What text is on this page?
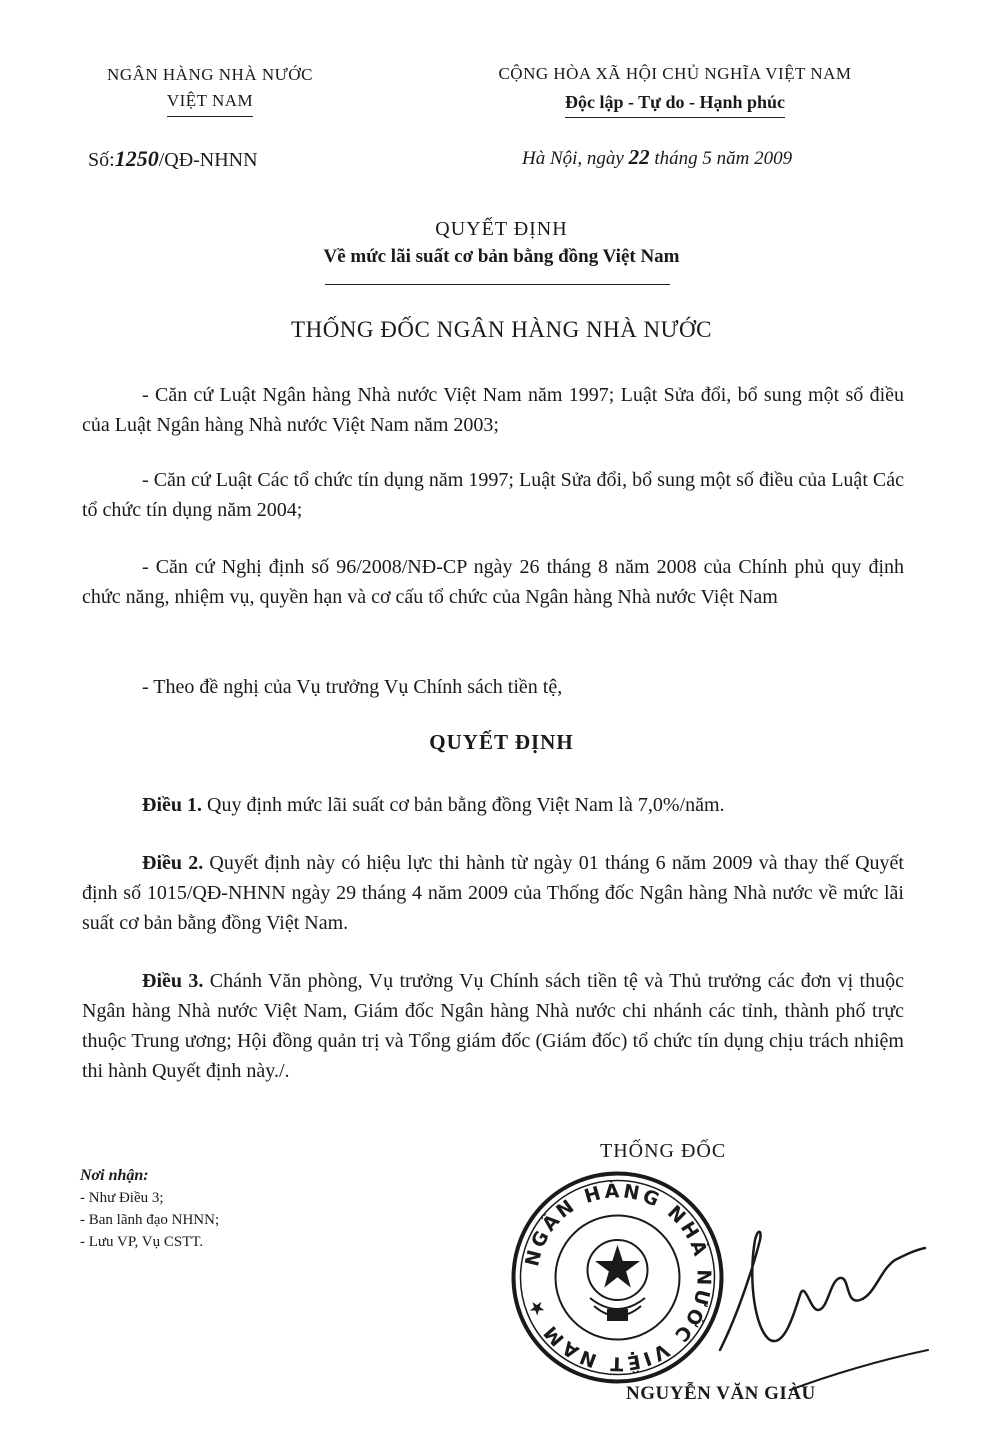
NGÂN HÀNG NHÀ NƯỚC
VIỆT NAM
CỘNG HÒA XÃ HỘI CHỦ NGHĨA VIỆT NAM
Độc lập - Tự do - Hạnh phúc
Số:1250/QĐ-NHNN	Hà Nội, ngày 22 tháng 5 năm 2009
QUYẾT ĐỊNH
Về mức lãi suất cơ bản bằng đồng Việt Nam
THỐNG ĐỐC NGÂN HÀNG NHÀ NƯỚC
- Căn cứ Luật Ngân hàng Nhà nước Việt Nam năm 1997; Luật Sửa đổi, bổ sung một số điều của Luật Ngân hàng Nhà nước Việt Nam năm 2003;
- Căn cứ Luật Các tổ chức tín dụng năm 1997; Luật Sửa đổi, bổ sung một số điều của Luật Các tổ chức tín dụng năm 2004;
- Căn cứ Nghị định số 96/2008/NĐ-CP ngày 26 tháng 8 năm 2008 của Chính phủ quy định chức năng, nhiệm vụ, quyền hạn và cơ cấu tổ chức của Ngân hàng Nhà nước Việt Nam
- Theo đề nghị của Vụ trưởng Vụ Chính sách tiền tệ,
QUYẾT ĐỊNH
Điều 1. Quy định mức lãi suất cơ bản bằng đồng Việt Nam là 7,0%/năm.
Điều 2. Quyết định này có hiệu lực thi hành từ ngày 01 tháng 6 năm 2009 và thay thế Quyết định số 1015/QĐ-NHNN ngày 29 tháng 4 năm 2009 của Thống đốc Ngân hàng Nhà nước về mức lãi suất cơ bản bằng đồng Việt Nam.
Điều 3. Chánh Văn phòng, Vụ trưởng Vụ Chính sách tiền tệ và Thủ trưởng các đơn vị thuộc Ngân hàng Nhà nước Việt Nam, Giám đốc Ngân hàng Nhà nước chi nhánh các tỉnh, thành phố trực thuộc Trung ương; Hội đồng quản trị và Tổng giám đốc (Giám đốc) tổ chức tín dụng chịu trách nhiệm thi hành Quyết định này./.
Nơi nhận:
- Như Điều 3;
- Ban lãnh đạo NHNN;
- Lưu VP, Vụ CSTT.
THỐNG ĐỐC
NGÂN HÀNG NHÀ NƯỚC VIỆT NAM ★
NGUYỄN VĂN GIÀU
